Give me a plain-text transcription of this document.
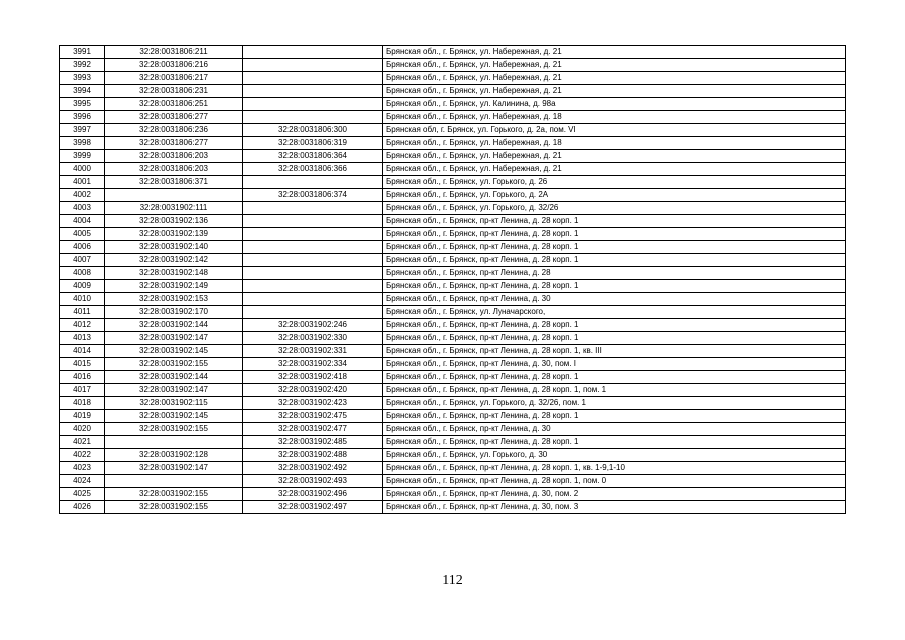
3991	32:28:0031806:211		Брянская обл., г. Брянск, ул. Набережная, д. 21
3992	32:28:0031806:216		Брянская обл., г. Брянск, ул. Набережная, д. 21
3993	32:28:0031806:217		Брянская обл., г. Брянск, ул. Набережная, д. 21
3994	32:28:0031806:231		Брянская обл., г. Брянск, ул. Набережная, д. 21
3995	32:28:0031806:251		Брянская обл., г. Брянск, ул. Калинина, д. 98а
3996	32:28:0031806:277		Брянская обл., г. Брянск, ул. Набережная, д. 18
3997	32:28:0031806:236	32:28:0031806:300	Брянская обл, г. Брянск, ул. Горького, д. 2а, пом. VI
3998	32:28:0031806:277	32:28:0031806:319	Брянская обл., г. Брянск, ул. Набережная, д. 18
3999	32:28:0031806:203	32:28:0031806:364	Брянская обл., г. Брянск, ул. Набережная, д. 21
4000	32:28:0031806:203	32:28:0031806:366	Брянская обл., г. Брянск, ул. Набережная, д. 21
4001	32:28:0031806:371		Брянская обл., г. Брянск, ул. Горького, д. 26
4002		32:28:0031806:374	Брянская обл., г. Брянск, ул. Горького, д. 2А
4003	32:28:0031902:111		Брянская обл., г. Брянск, ул. Горького, д. 32/26
4004	32:28:0031902:136		Брянская обл., г. Брянск, пр-кт Ленина, д. 28 корп. 1
4005	32:28:0031902:139		Брянская обл., г. Брянск, пр-кт Ленина, д. 28 корп. 1
4006	32:28:0031902:140		Брянская обл., г. Брянск, пр-кт Ленина, д. 28 корп. 1
4007	32:28:0031902:142		Брянская обл., г. Брянск, пр-кт Ленина, д. 28 корп. 1
4008	32:28:0031902:148		Брянская обл., г. Брянск, пр-кт Ленина, д. 28
4009	32:28:0031902:149		Брянская обл., г. Брянск, пр-кт Ленина, д. 28 корп. 1
4010	32:28:0031902:153		Брянская обл., г. Брянск, пр-кт Ленина, д. 30
4011	32:28:0031902:170		Брянская обл., г. Брянск, ул. Луначарского,
4012	32:28:0031902:144	32:28:0031902:246	Брянская обл., г. Брянск, пр-кт Ленина, д. 28 корп. 1
4013	32:28:0031902:147	32:28:0031902:330	Брянская обл., г. Брянск, пр-кт Ленина, д. 28 корп. 1
4014	32:28:0031902:145	32:28:0031902:331	Брянская обл., г. Брянск, пр-кт Ленина, д. 28 корп. 1, кв. III
4015	32:28:0031902:155	32:28:0031902:334	Брянская обл., г. Брянск, пр-кт Ленина, д. 30, пом. I
4016	32:28:0031902:144	32:28:0031902:418	Брянская обл., г. Брянск, пр-кт Ленина, д. 28 корп. 1
4017	32:28:0031902:147	32:28:0031902:420	Брянская обл., г. Брянск, пр-кт Ленина, д. 28 корп. 1, пом. 1
4018	32:28:0031902:115	32:28:0031902:423	Брянская обл., г. Брянск, ул. Горького, д. 32/26, пом. 1
4019	32:28:0031902:145	32:28:0031902:475	Брянская обл., г. Брянск, пр-кт Ленина, д. 28 корп. 1
4020	32:28:0031902:155	32:28:0031902:477	Брянская обл., г. Брянск, пр-кт Ленина, д. 30
4021		32:28:0031902:485	Брянская обл., г. Брянск, пр-кт Ленина, д. 28 корп. 1
4022	32:28:0031902:128	32:28:0031902:488	Брянская обл., г. Брянск, ул. Горького, д. 30
4023	32:28:0031902:147	32:28:0031902:492	Брянская обл., г. Брянск, пр-кт Ленина, д. 28 корп. 1, кв. 1-9,1-10
4024		32:28:0031902:493	Брянская обл., г. Брянск, пр-кт Ленина, д. 28 корп. 1, пом. 0
4025	32:28:0031902:155	32:28:0031902:496	Брянская обл., г. Брянск, пр-кт Ленина, д. 30, пом. 2
4026	32:28:0031902:155	32:28:0031902:497	Брянская обл., г. Брянск, пр-кт Ленина, д. 30, пом. 3
112
